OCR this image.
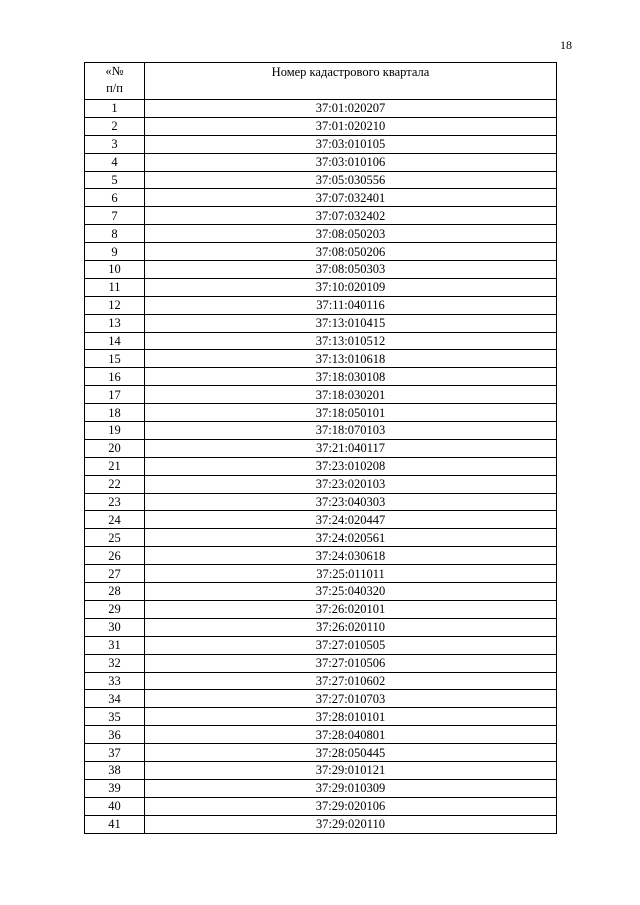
18
«№
п/п	Номер кадастрового квартала
1	37:01:020207
2	37:01:020210
3	37:03:010105
4	37:03:010106
5	37:05:030556
6	37:07:032401
7	37:07:032402
8	37:08:050203
9	37:08:050206
10	37:08:050303
11	37:10:020109
12	37:11:040116
13	37:13:010415
14	37:13:010512
15	37:13:010618
16	37:18:030108
17	37:18:030201
18	37:18:050101
19	37:18:070103
20	37:21:040117
21	37:23:010208
22	37:23:020103
23	37:23:040303
24	37:24:020447
25	37:24:020561
26	37:24:030618
27	37:25:011011
28	37:25:040320
29	37:26:020101
30	37:26:020110
31	37:27:010505
32	37:27:010506
33	37:27:010602
34	37:27:010703
35	37:28:010101
36	37:28:040801
37	37:28:050445
38	37:29:010121
39	37:29:010309
40	37:29:020106
41	37:29:020110
